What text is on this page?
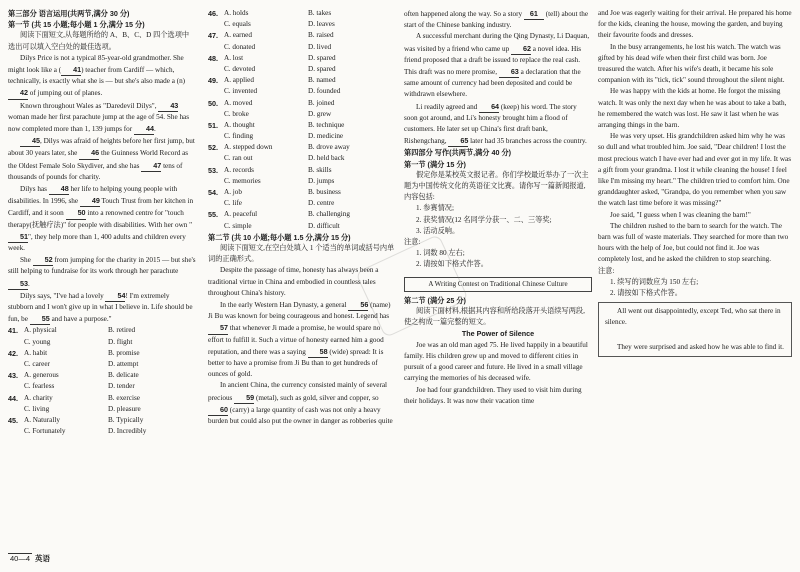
第三部分 语言运用(共两节,满分 30 分)

第一节 (共 15 小题;每小题 1 分,满分 15 分)

阅读下面短文,从每题所给的 A、B、C、D 四个选项中选出可以填入空白处的最佳选项。

Dilys Price is not a typical 85-year-old grandmother. She might look like a ( 41) teacher from Cardiff — which, technically, is exactly what she is — but she's also made a (n) 42 of jumping out of planes.

Known throughout Wales as "Daredevil Dilys", 43 woman made her first parachute jump at the age of 54. She has now completed more than 1, 139 jumps for 44.

45, Dilys was afraid of heights before her first jump, but about 30 years later, she 46 the Guinness World Record as the Oldest Female Solo Skydiver, and she has 47 tens of thousands of pounds for charity.

Dilys has 48 her life to helping young people with disabilities. In 1996, she 49 Touch Trust from her kitchen in Cardiff, and it soon 50 into a renowned centre for "touch therapy(抚触疗法)" for people with disabilities. With her own "51", they help more than 1, 400 adults and children every week.

She 52 from jumping for the charity in 2015 — but she's still helping to fundraise for its work through her parachute 53.

Dilys says, "I've had a lovely 54! I'm extremely stubborn and I won't give up in what I believe in. Life should be fun, be 55 and have a purpose."

41. A. physical	B. retired
C. young	D. flight
42. A. habit	B. promise
C. career	D. attempt
43. A. generous	B. delicate
C. fearless	D. tender
44. A. charity	B. exercise
C. living	D. pleasure
45. A. Naturally	B. Typically
C. Fortunately	D. Incredibly
46. A. holds	B. takes
C. equals	D. leaves
47. A. earned	B. raised
C. donated	D. lived
48. A. lost	D. spared
C. devoted	D. spared
49. A. applied	B. named
C. invented	D. founded
50. A. moved	B. joined
C. broke	D. grew
51. A. thought	B. technique
C. finding	D. medicine
52. A. stepped down	B. drove away
C. ran out	D. held back
53. A. records	B. skills
C. memories	D. jumps
54. A. job	B. business
C. life	D. centre
55. A. peaceful	B. challenging
C. simple	D. difficult

第二节 (共 10 小题;每小题 1.5 分,满分 15 分)

阅读下面短文,在空白处填入 1 个适当的单词或括号内单词的正确形式。

Despite the passage of time, honesty has always been a traditional virtue in China and embodied in countless tales throughout China's history.

In the early Western Han Dynasty, a general 56 (name) Ji Bu was known for being courageous and honest. Legend has 57 that whenever Ji made a promise, he would spare no effort to fulfill it. Such a virtue of honesty earned him a good reputation, and there was a saying 58 (wide) spread: It is better to have a promise from Ji Bu than to get hundreds of ounces of gold.

In ancient China, the currency consisted mainly of several precious 59 (metal), such as gold, silver and copper, so 60 (carry) a large quantity of cash was not only a heavy burden but could also put the owner in danger as robberies quite

often happened along the way. So a story 61 (tell) about the start of the Chinese banking industry.

A successful merchant during the Qing Dynasty, Li Daquan, was visited by a friend who came up 62 a novel idea. His friend proposed that a draft be issued to replace the real cash. This draft was no mere promise, 63 a declaration that the same amount of currency had been deposited and could be withdrawn elsewhere.

Li readily agreed and 64 (keep) his word. The story soon got around, and Li's honesty brought him a flood of customers. He later set up China's first draft bank, Rishengchang, 65 later had 35 branches across the country.

第四部分 写作(共两节,满分 40 分)

第一节 (满分 15 分)

假定你是某校英文报记者。你们学校最近举办了一次主题为中国传统文化的英语征文比赛。请你写一篇新闻报道,内容包括:

1. 参赛情况;

2. 获奖情况(12 名同学分获一、二、三等奖;

3. 活动反响。

注意:

1. 词数 80 左右;

2. 请按如下格式作答。

A Writing Contest on Traditional Chinese Culture

第二节 (满分 25 分)

阅读下面材料,根据其内容和所给段落开头语续写两段,使之构成一篇完整的短文。

The Power of Silence

Joe was an old man aged 75. He lived happily in a beautiful family. His children grew up and moved to different cities in pursuit of a good career and future. He lived in a small village carrying the memories of his deceased wife.

Joe had four grandchildren. They used to visit him during their holidays. It was now their vacation time

and Joe was eagerly waiting for their arrival. He prepared his home for the kids, cleaning the house, mowing the garden, and buying their favourite foods and dresses.

In the busy arrangements, he lost his watch. The watch was gifted by his dead wife when their first child was born. Joe treasured the watch. After his wife's death, it became his sole companion with its "tick, tick" sound throughout the silent night.

He was happy with the kids at home. He forgot the missing watch. It was only the next day when he was about to take a bath, he remembered the watch was lost. He saw it last when he was arranging things in the barn.

He was very upset. His grandchildren asked him why he was so dull and what troubled him. Joe said, "Dear children! I lost the most precious watch I have ever had and ever got in my life. It was a gift from your grandma. I lost it while cleaning the house! I feel like I'm missing my heart." The children tried to comfort him. One granddaughter asked, "Grandpa, do you remember when you saw the watch last time before it was missing?"

Joe said, "I guess when I was cleaning the barn!"

The children rushed to the barn to search for the watch. The barn was full of waste materials. They searched for more than two hours with the help of Joe, but could not find it. Joe was completely lost, and he asked the children to stop searching.

注意:

1. 续写的词数应为 150 左右;

2. 请按如下格式作答。

All went out disappointedly, except Ted, who sat there in silence.

They were surprised and asked how he was able to find it.

40—4 英语
